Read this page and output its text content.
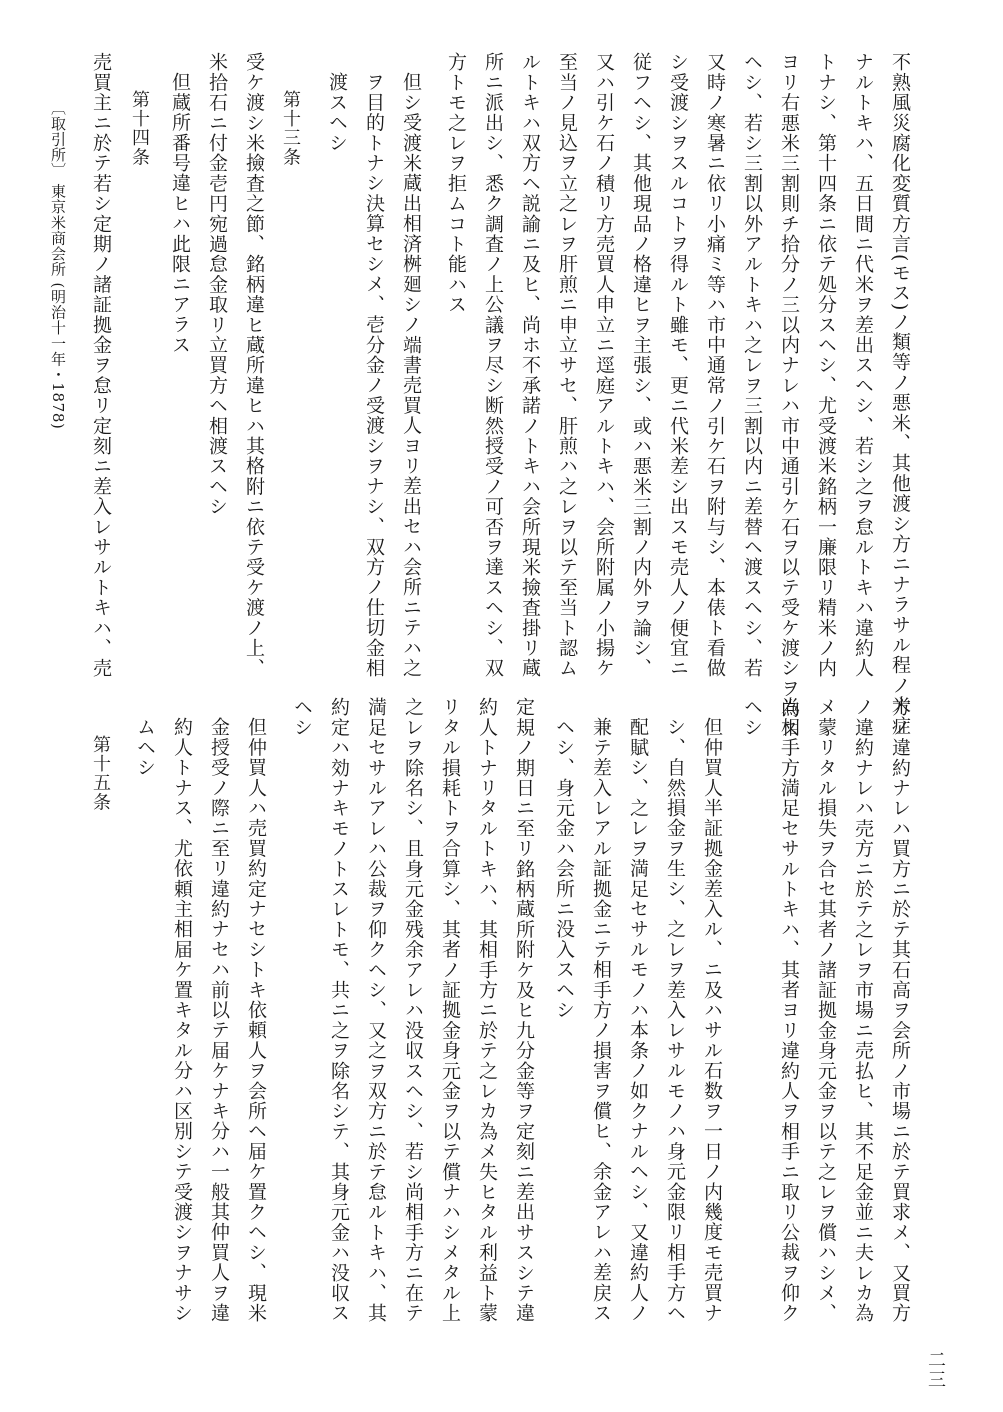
不熟風災腐化変質方言(モス)ノ類等ノ悪米、其他渡シ方ニナラサル程ノ米症
ナルトキハ、五日間ニ代米ヲ差出スヘシ、若シ之ヲ怠ルトキハ違約人
トナシ、第十四条ニ依テ処分スヘシ、尤受渡米銘柄一廉限リ精米ノ内
ヨリ右悪米三割則チ拾分ノ三以内ナレハ市中通引ケ石ヲ以テ受ケ渡シヲ為ス
ヘシ、若シ三割以外アルトキハ之レヲ三割以内ニ差替ヘ渡スヘシ、若
又時ノ寒暑ニ依リ小痛ミ等ハ市中通常ノ引ケ石ヲ附与シ、本俵ト看做
シ受渡シヲスルコトヲ得ルト雖モ、更ニ代米差シ出スモ売人ノ便宜ニ
従フヘシ、其他現品ノ格違ヒヲ主張シ、或ハ悪米三割ノ内外ヲ論シ、
又ハ引ケ石ノ積リ方売買人申立ニ逕庭アルトキハ、会所附属ノ小揚ケ
至当ノ見込ヲ立之レヲ肝煎ニ申立サセ、肝煎ハ之レヲ以テ至当ト認ム
ルトキハ双方ヘ説諭ニ及ヒ、尚ホ不承諾ノトキハ会所現米撿査掛リ蔵
所ニ派出シ、悉ク調査ノ上公議ヲ尽シ断然授受ノ可否ヲ達スヘシ、双
方トモ之レヲ拒ムコト能ハス
但シ受渡米蔵出相済桝廻シノ端書売買人ヨリ差出セハ会所ニテハ之
ヲ目的トナシ決算セシメ、壱分金ノ受渡シヲナシ、双方ノ仕切金相
渡スヘシ
第十三条
受ケ渡シ米撿査之節、銘柄違ヒ蔵所違ヒハ其格附ニ依テ受ケ渡ノ上、
米拾石ニ付金壱円宛過怠金取リ立買方ヘ相渡スヘシ
但蔵所番号違ヒハ此限ニアラス
第十四条
売買主ニ於テ若シ定期ノ諸証拠金ヲ怠リ定刻ニ差入レサルトキハ、売
〔取引所〕 東京米商会所 (明治十一年・1878)
方ノ違約ナレハ買方ニ於テ其石高ヲ会所ノ市場ニ於テ買求メ、又買方
ノ違約ナレハ売方ニ於テ之レヲ市場ニ売払ヒ、其不足金並ニ夫レカ為
メ蒙リタル損失ヲ合セ其者ノ諸証拠金身元金ヲ以テ之レヲ償ハシメ、
尚相手方満足セサルトキハ、其者ヨリ違約人ヲ相手ニ取リ公裁ヲ仰ク
ヘシ
但仲買人半証拠金差入ル、ニ及ハサル石数ヲ一日ノ内幾度モ売買ナ
シ、自然損金ヲ生シ、之レヲ差入レサルモノハ身元金限リ相手方ヘ
配賦シ、之レヲ満足セサルモノハ本条ノ如クナルヘシ、又違約人ノ
兼テ差入レアル証拠金ニテ相手方ノ損害ヲ償ヒ、余金アレハ差戻ス
ヘシ、身元金ハ会所ニ没入スヘシ
定規ノ期日ニ至リ銘柄蔵所附ケ及ヒ九分金等ヲ定刻ニ差出サスシテ違
約人トナリタルトキハ、其相手方ニ於テ之レカ為メ失ヒタル利益ト蒙
リタル損耗トヲ合算シ、其者ノ証拠金身元金ヲ以テ償ナハシメタル上
之レヲ除名シ、且身元金残余アレハ没収スヘシ、若シ尚相手方ニ在テ
満足セサルアレハ公裁ヲ仰クヘシ、又之ヲ双方ニ於テ怠ルトキハ、其
約定ハ効ナキモノトスレトモ、共ニ之ヲ除名シテ、其身元金ハ没収ス
ヘシ
但仲買人ハ売買約定ナセシトキ依頼人ヲ会所ヘ届ケ置クヘシ、現米
金授受ノ際ニ至リ違約ナセハ前以テ届ケナキ分ハ一般其仲買人ヲ違
約人トナス、尤依頼主相届ケ置キタル分ハ区別シテ受渡シヲナサシ
ムヘシ
第十五条
二三
